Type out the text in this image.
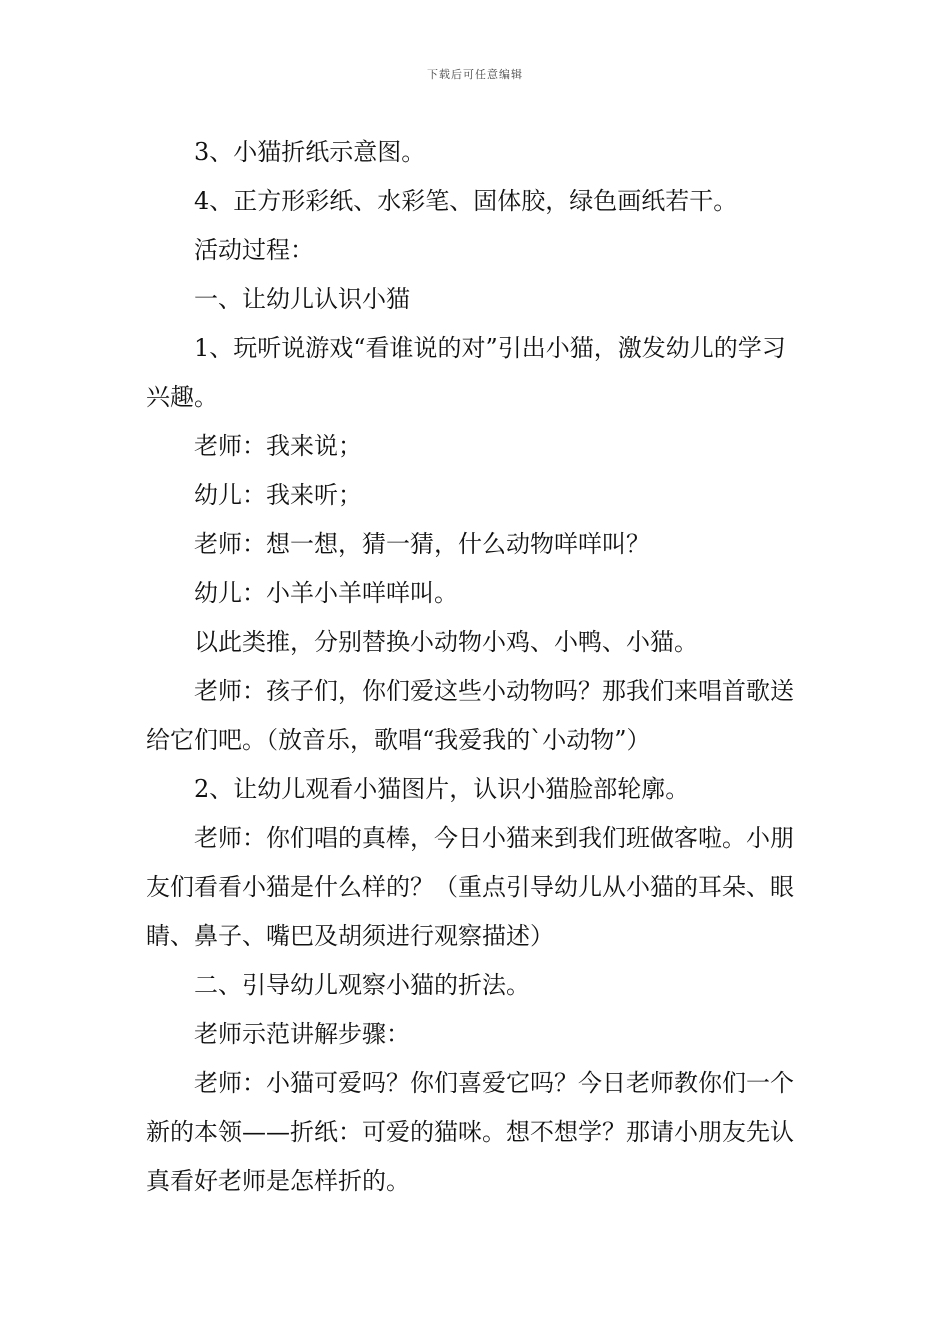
下载后可任意编辑

3、小猫折纸示意图。

4、正方形彩纸、水彩笔、固体胶，绿色画纸若干。

活动过程：

一、让幼儿认识小猫

1、玩听说游戏“看谁说的对”引出小猫，激发幼儿的学习兴趣。

老师：我来说；

幼儿：我来听；

老师：想一想，猜一猜，什么动物咩咩叫？

幼儿：小羊小羊咩咩叫。

以此类推，分别替换小动物小鸡、小鸭、小猫。

老师：孩子们，你们爱这些小动物吗？那我们来唱首歌送给它们吧。（放音乐，歌唱“我爱我的`小动物”）

2、让幼儿观看小猫图片，认识小猫脸部轮廓。

老师：你们唱的真棒，今日小猫来到我们班做客啦。小朋友们看看小猫是什么样的？（重点引导幼儿从小猫的耳朵、眼睛、鼻子、嘴巴及胡须进行观察描述）

二、引导幼儿观察小猫的折法。

老师示范讲解步骤：

老师：小猫可爱吗？你们喜爱它吗？今日老师教你们一个新的本领——折纸：可爱的猫咪。想不想学？那请小朋友先认真看好老师是怎样折的。
